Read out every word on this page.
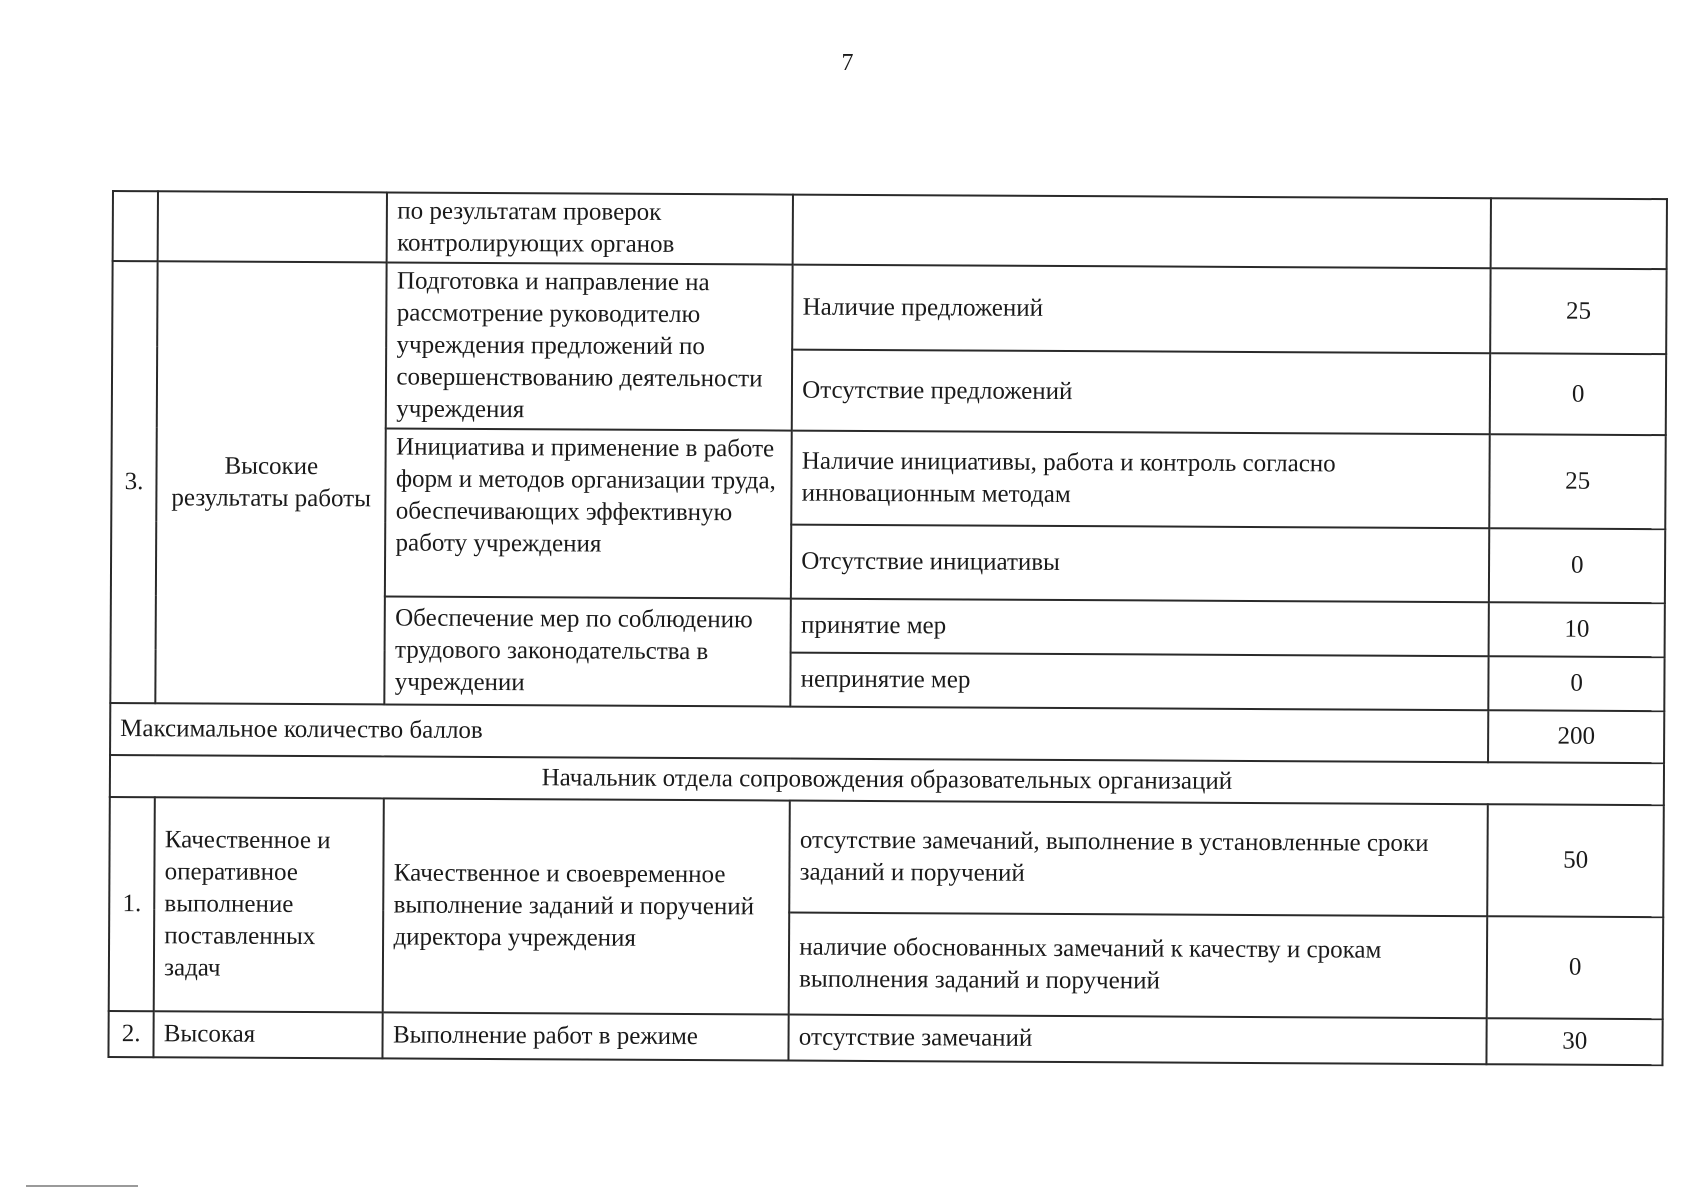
7
		по результатам проверок контролирующих органов		
3.	Высокие результаты работы	Подготовка и направление на рассмотрение руководителю учреждения предложений по совершенствованию деятельности учреждения	Наличие предложений	25
			Отсутствие предложений	0
		Инициатива и применение в работе форм и методов организации труда, обеспечивающих эффективную работу учреждения	Наличие инициативы, работа и контроль согласно инновационным методам	25
			Отсутствие инициативы	0
		Обеспечение мер по соблюдению трудового законодательства в учреждении	принятие мер	10
			непринятие мер	0
Максимальное количество баллов				200
Начальник отдела сопровождения образовательных организаций				
1.	Качественное и оперативное выполнение поставленных задач	Качественное и своевременное выполнение заданий и поручений директора учреждения	отсутствие замечаний, выполнение в установленные сроки заданий и поручений	50
			наличие обоснованных замечаний к качеству и срокам выполнения заданий и поручений	0
2.	Высокая	Выполнение работ в режиме	отсутствие замечаний	30
